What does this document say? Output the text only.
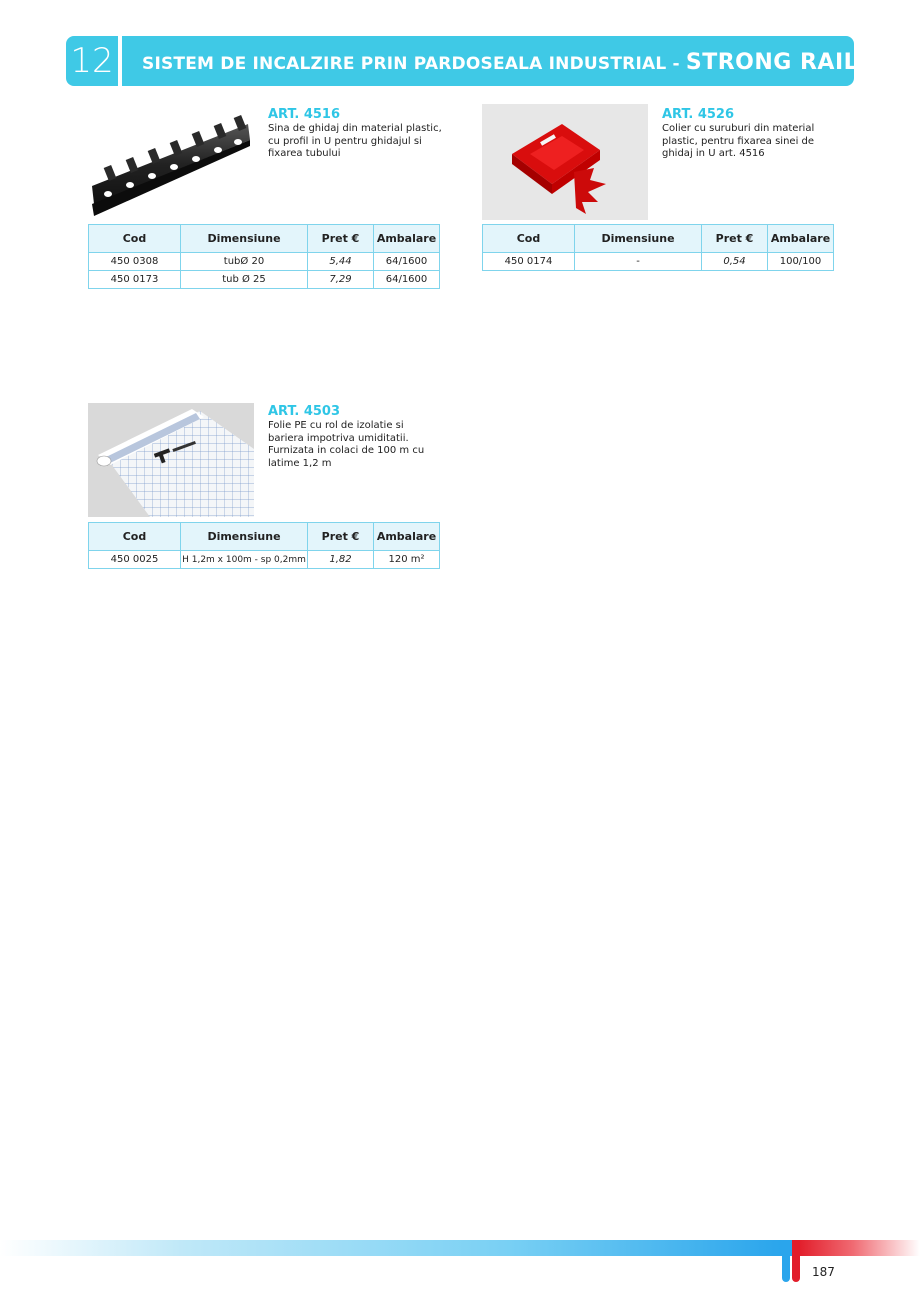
12	SISTEM DE INCALZIRE PRIN PARDOSEALA INDUSTRIAL - STRONG RAIL
ART. 4516
Sina de ghidaj din material plastic, cu profil in U pentru ghidajul si fixarea tubului
Cod	Dimensiune	Pret €	Ambalare
450 0308	tubØ 20	5,44	64/1600
450 0173	tub Ø 25	7,29	64/1600
ART. 4526
Colier cu suruburi din material plastic, pentru fixarea sinei de ghidaj in U art. 4516
Cod	Dimensiune	Pret €	Ambalare
450 0174	-	0,54	100/100
ART. 4503
Folie PE cu rol de izolatie si bariera impotriva umiditatii. Furnizata in colaci de 100 m cu latime 1,2 m
Cod	Dimensiune	Pret €	Ambalare
450 0025	H 1,2m x 100m - sp 0,2mm	1,82	120 m²
187
